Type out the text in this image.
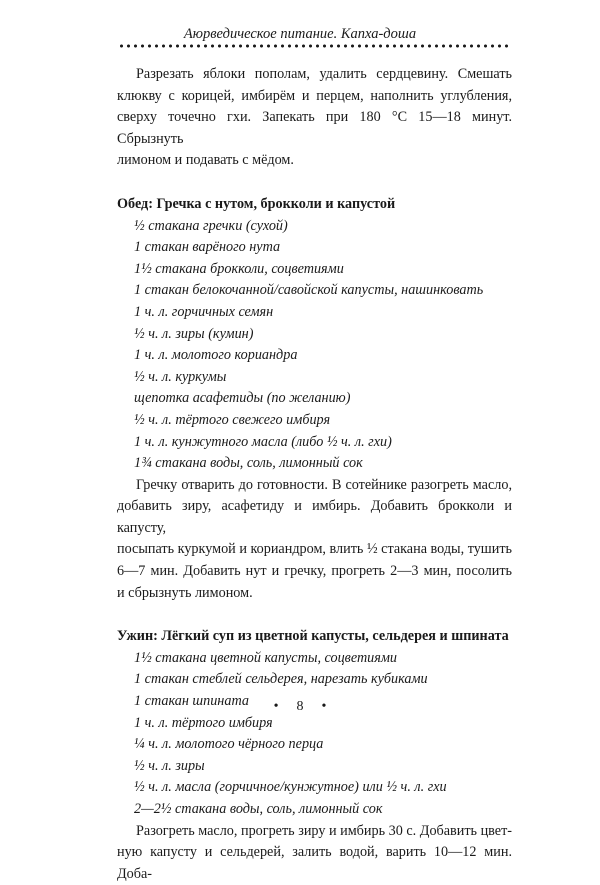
Аюрведическое питание. Капха-доша

Разрезать яблоки пополам, удалить сердцевину. Смешать

клюкву с корицей, имбирём и перцем, наполнить углубления,

сверху точечно гхи. Запекать при 180 °С 15—18 минут. Сбрызнуть

лимоном и подавать с мёдом.

Обед: Гречка с нутом, брокколи и капустой

½ стакана гречки (сухой)

1 стакан варёного нута

1½ стакана брокколи, соцветиями

1 стакан белокочанной/савойской капусты, нашинковать

1 ч. л. горчичных семян

½ ч. л. зиры (кумин)

1 ч. л. молотого кориандра

½ ч. л. куркумы

щепотка асафетиды (по желанию)

½ ч. л. тёртого свежего имбиря

1 ч. л. кунжутного масла (либо ½ ч. л. гхи)

1¾ стакана воды, соль, лимонный сок

Гречку отварить до готовности. В сотейнике разогреть масло,

добавить зиру, асафетиду и имбирь. Добавить брокколи и капусту,

посыпать куркумой и кориандром, влить ½ стакана воды, тушить

6—7 мин. Добавить нут и гречку, прогреть 2—3 мин, посолить

и сбрызнуть лимоном.

Ужин: Лёгкий суп из цветной капусты, сельдерея и шпината

1½ стакана цветной капусты, соцветиями

1 стакан стеблей сельдерея, нарезать кубиками

1 стакан шпината

1 ч. л. тёртого имбиря

¼ ч. л. молотого чёрного перца

½ ч. л. зиры

½ ч. л. масла (горчичное/кунжутное) или ½ ч. л. гхи

2—2½ стакана воды, соль, лимонный сок

Разогреть масло, прогреть зиру и имбирь 30 с. Добавить цвет-

ную капусту и сельдерей, залить водой, варить 10—12 мин. Доба-

• 8 •
